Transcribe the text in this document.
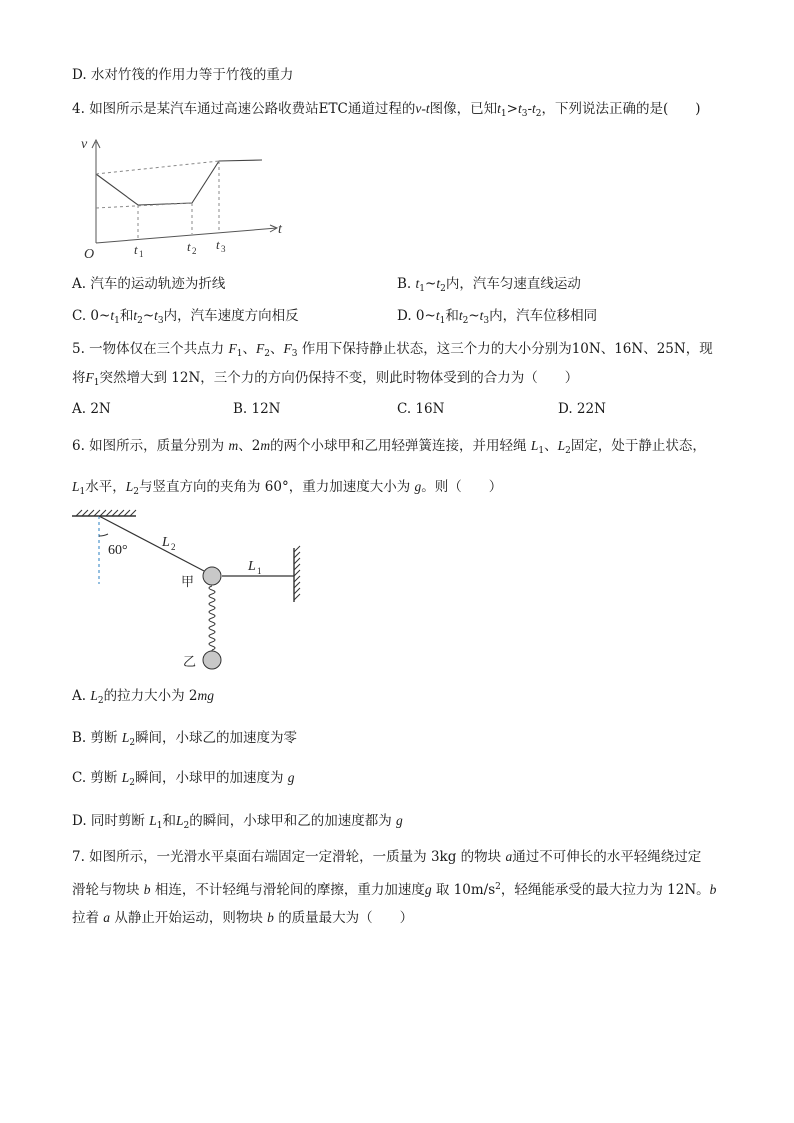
D. 水对竹筏的作用力等于竹筏的重力
4. 如图所示是某汽车通过高速公路收费站ETC通道过程的v-t图像，已知$t_1>t_3-t_2$，下列说法正确的是(　　)
v
t
O	t 1	t 2 t 3
A. 汽车的运动轨迹为折线	B. $t_1\sim t_2$内，汽车匀速直线运动
C. $0\sim t_1$和$t_2\sim t_3$内，汽车速度方向相反	D. $0\sim t_1$和$t_2\sim t_3$内，汽车位移相同
5. 一物体仅在三个共点力 $F_1$、$F_2$、$F_3$ 作用下保持静止状态，这三个力的大小分别为10N、16N、25N，现
将$F_1$突然增大到 12N，三个力的方向仍保持不变，则此时物体受到的合力为（　　）
A. 2N	B. 12N	C. 16N	D. 22N
6. 如图所示，质量分别为 m、2m的两个小球甲和乙用轻弹簧连接，并用轻绳 $L_1$、$L_2$固定，处于静止状态，
$L_1$水平，$L_2$与竖直方向的夹角为 60°，重力加速度大小为 g。则（　　）
60°
L 2
L 1
甲
乙
A. $L_2$的拉力大小为 2mg
B. 剪断 $L_2$瞬间，小球乙的加速度为零
C. 剪断 $L_2$瞬间，小球甲的加速度为 g
D. 同时剪断 $L_1$和$L_2$的瞬间，小球甲和乙的加速度都为 g
7. 如图所示，一光滑水平桌面右端固定一定滑轮，一质量为 3kg 的物块 a通过不可伸长的水平轻绳绕过定
滑轮与物块 b 相连，不计轻绳与滑轮间的摩擦，重力加速度g 取 $10m/s^2$，轻绳能承受的最大拉力为 12N。b
拉着 a 从静止开始运动，则物块 b 的质量最大为（　　）
